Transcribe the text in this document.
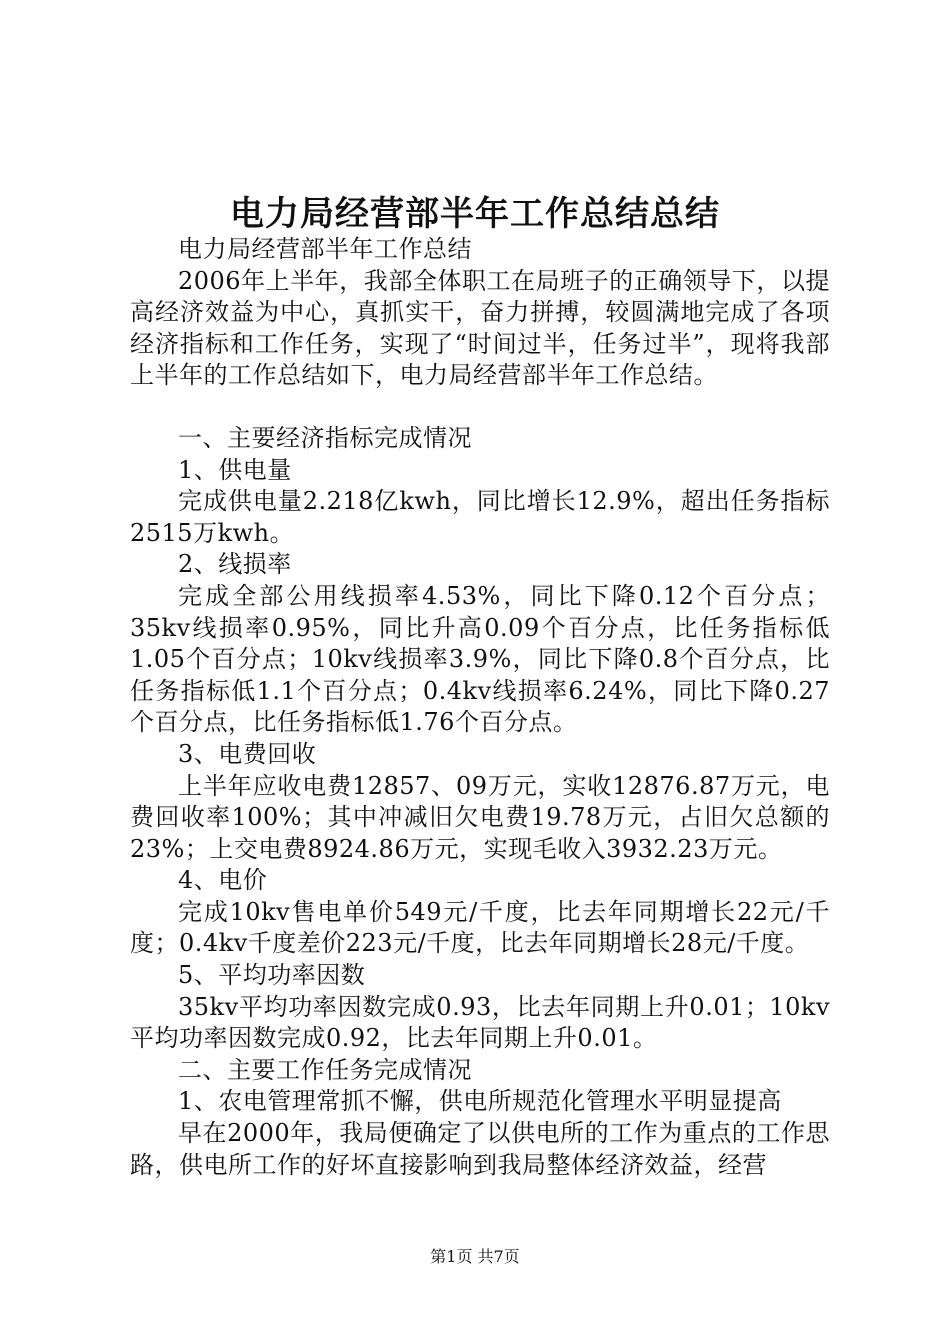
电力局经营部半年工作总结总结

电力局经营部半年工作总结

2006年上半年，我部全体职工在局班子的正确领导下，以提高经济效益为中心，真抓实干，奋力拼搏，较圆满地完成了各项经济指标和工作任务，实现了“时间过半，任务过半”，现将我部上半年的工作总结如下，电力局经营部半年工作总结。

一、主要经济指标完成情况

1、供电量

完成供电量2.218亿kwh，同比增长12.9%，超出任务指标2515万kwh。

2、线损率

完成全部公用线损率4.53%，同比下降0.12个百分点；35kv线损率0.95%，同比升高0.09个百分点，比任务指标低1.05个百分点；10kv线损率3.9%，同比下降0.8个百分点，比任务指标低1.1个百分点；0.4kv线损率6.24%，同比下降0.27个百分点，比任务指标低1.76个百分点。

3、电费回收

上半年应收电费12857、09万元，实收12876.87万元，电费回收率100%；其中冲减旧欠电费19.78万元，占旧欠总额的23%；上交电费8924.86万元，实现毛收入3932.23万元。

4、电价

完成10kv售电单价549元/千度，比去年同期增长22元/千度；0.4kv千度差价223元/千度，比去年同期增长28元/千度。

5、平均功率因数

35kv平均功率因数完成0.93，比去年同期上升0.01；10kv平均功率因数完成0.92，比去年同期上升0.01。

二、主要工作任务完成情况

1、农电管理常抓不懈，供电所规范化管理水平明显提高

早在2000年，我局便确定了以供电所的工作为重点的工作思路，供电所工作的好坏直接影响到我局整体经济效益，经营

第1页 共7页
